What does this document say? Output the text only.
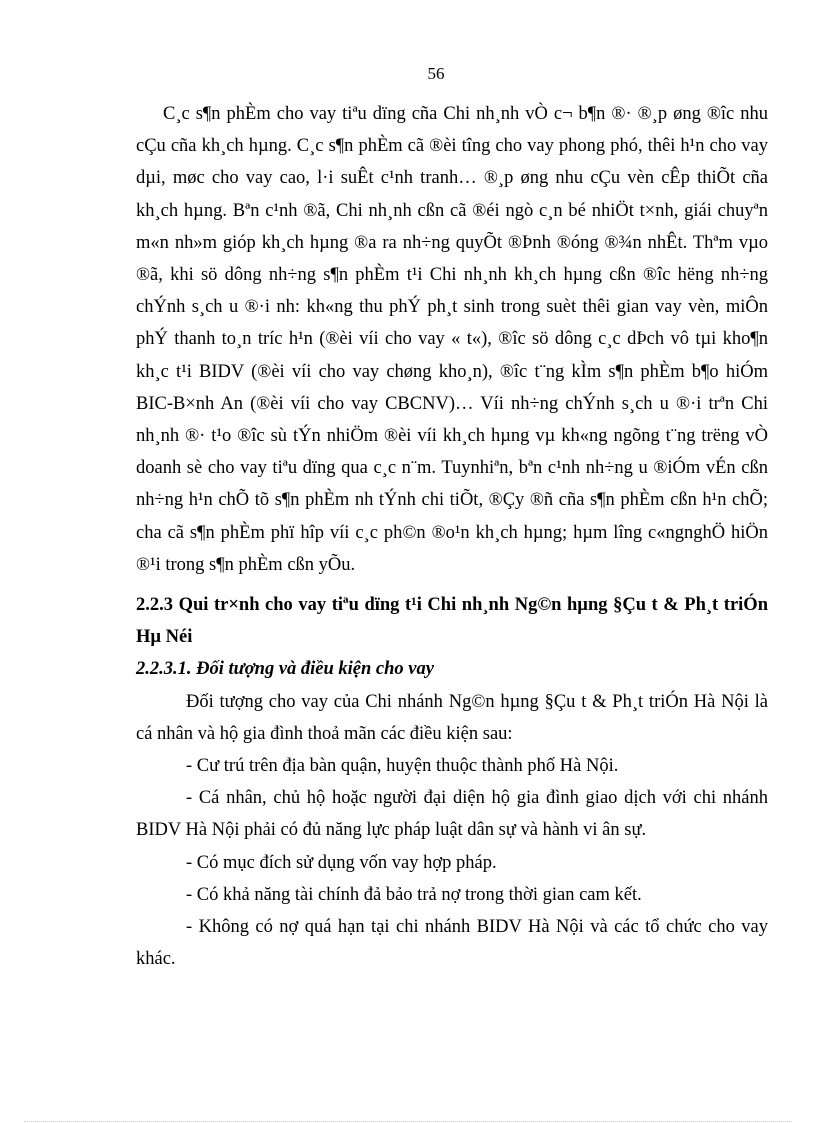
56

C¸c s¶n phÈm cho vay tiªu dïng cña Chi nh¸nh vÒ c¬ b¶n ®· ®¸p øng ®îc nhu cÇu cña kh¸ch hµng. C¸c s¶n phÈm cã ®èi tîng cho vay phong phó, thêi h¹n cho vay dµi, møc cho vay cao, l·i suÊt c¹nh tranh… ®¸p øng nhu cÇu vèn cÊp thiÕt cña kh¸ch hµng. Bªn c¹nh ®ã, Chi nh¸nh cßn cã ®éi ngò c¸n bé nhiÖt t×nh, giái chuyªn m«n nh»m gióp kh¸ch hµng ®a ra nh÷ng quyÕt ®Þnh ®óng ®¾n nhÊt. Thªm vµo ®ã, khi sö dông nh÷ng s¶n phÈm t¹i Chi nh¸nh kh¸ch hµng cßn ®îc hëng nh÷ng chÝnh s¸ch u ®·i nh: kh«ng thu phÝ ph¸t sinh trong suèt thêi gian vay vèn, miÔn phÝ thanh to¸n tríc h¹n (®èi víi cho vay « t«), ®îc sö dông c¸c dÞch vô tµi kho¶n kh¸c t¹i BIDV (®èi víi cho vay chøng kho¸n), ®îc t¨ng kÌm s¶n phÈm b¶o hiÓm BIC-B×nh An (®èi víi cho vay CBCNV)… Víi nh÷ng chÝnh s¸ch u ®·i trªn Chi nh¸nh ®· t¹o ®îc sù tÝn nhiÖm ®èi víi kh¸ch hµng vµ kh«ng ngõng t¨ng trëng vÒ doanh sè cho vay tiªu dïng qua c¸c n¨m. Tuynhiªn, bªn c¹nh nh÷ng u ®iÓm vÉn cßn nh÷ng h¹n chÕ tõ s¶n phÈm nh tÝnh chi tiÕt, ®Çy ®ñ cña s¶n phÈm cßn h¹n chÕ; cha cã s¶n phÈm phï hîp víi c¸c ph©n ®o¹n kh¸ch hµng; hµm lîng c«ngnghÖ hiÖn ®¹i trong s¶n phÈm cßn yÕu.

2.2.3 Qui tr×nh cho vay tiªu dïng t¹i Chi nh¸nh Ng©n hµng §Çu t & Ph¸t triÓn Hµ Néi

2.2.3.1. Đối tượng và điều kiện cho vay

Đối tượng cho vay của Chi nhánh Ng©n hµng §Çu t & Ph¸t triÓn Hà Nội là cá nhân và hộ gia đình thoả mãn các điều kiện sau:

- Cư trú trên địa bàn quận, huyện thuộc thành phố Hà Nội.

- Cá nhân, chủ hộ hoặc người đại diện hộ gia đình giao dịch với chi nhánh BIDV Hà Nội phải có đủ năng lực pháp luật dân sự và hành vi ân sự.

- Có mục đích sử dụng vốn vay hợp pháp.

- Có khả năng tài chính đả bảo trả nợ trong thời gian cam kết.

- Không có nợ quá hạn tại chi nhánh BIDV Hà Nội và các tổ chức cho vay khác.
